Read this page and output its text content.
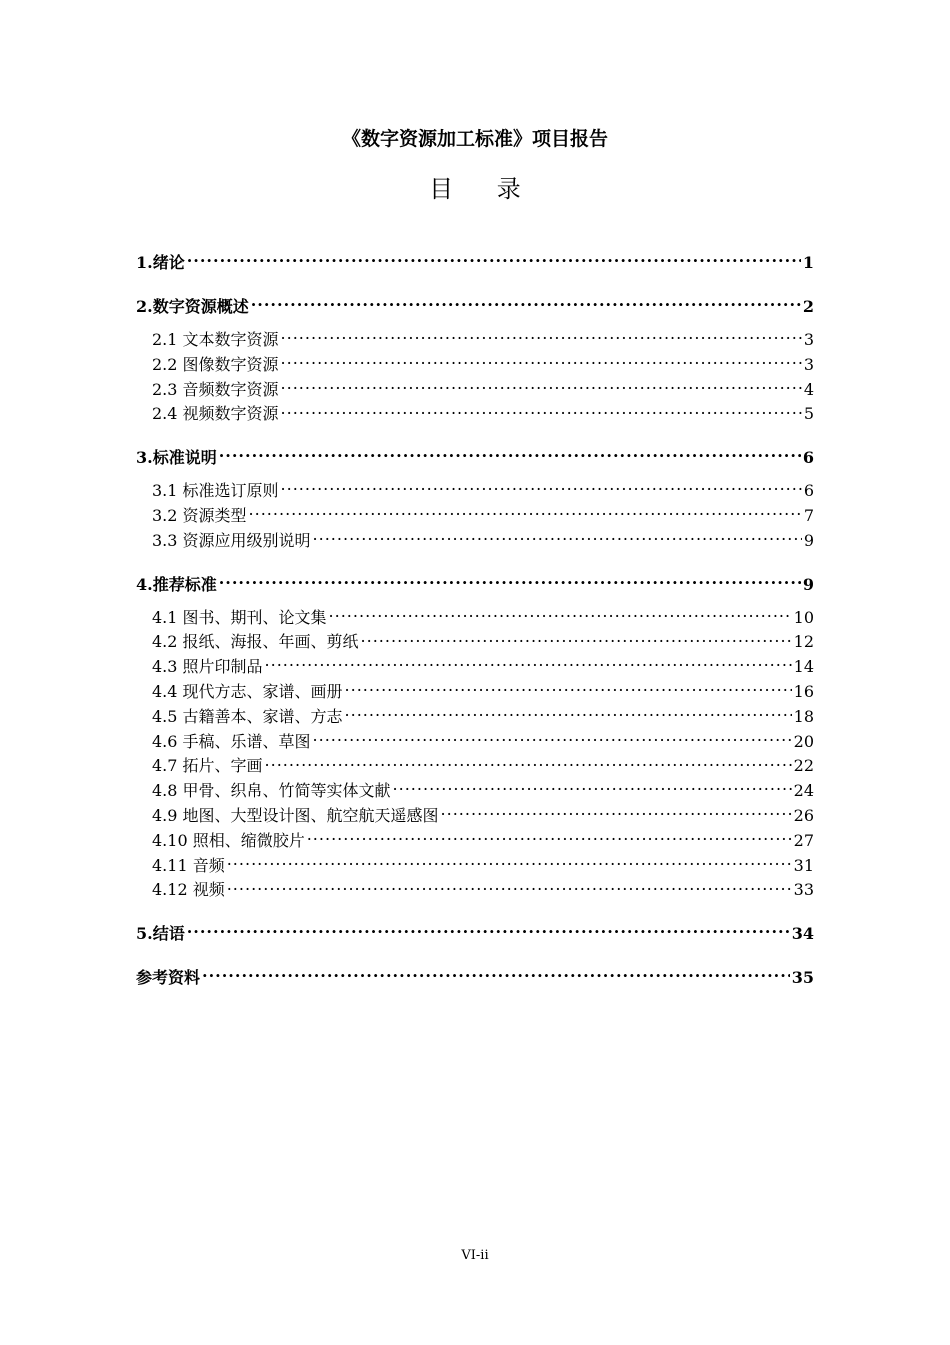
《数字资源加工标准》项目报告
目 录
1.绪论 .....	1
2.数字资源概述 .....	2
2.1 文本数字资源 .....	3
2.2 图像数字资源 .....	3
2.3 音频数字资源 .....	4
2.4 视频数字资源 .....	5
3.标准说明 .....	6
3.1 标准选订原则 .....	6
3.2 资源类型 .....	7
3.3 资源应用级别说明 .....	9
4.推荐标准 .....	9
4.1 图书、期刊、论文集 .....	10
4.2 报纸、海报、年画、剪纸 .....	12
4.3 照片印制品 .....	14
4.4 现代方志、家谱、画册 .....	16
4.5 古籍善本、家谱、方志 .....	18
4.6 手稿、乐谱、草图 .....	20
4.7 拓片、字画 .....	22
4.8 甲骨、织帛、竹简等实体文献 .....	24
4.9 地图、大型设计图、航空航天遥感图 .....	26
4.10 照相、缩微胶片 .....	27
4.11 音频 .....	31
4.12 视频 .....	33
5.结语 .....	34
参考资料 .....	35
VI-ii
